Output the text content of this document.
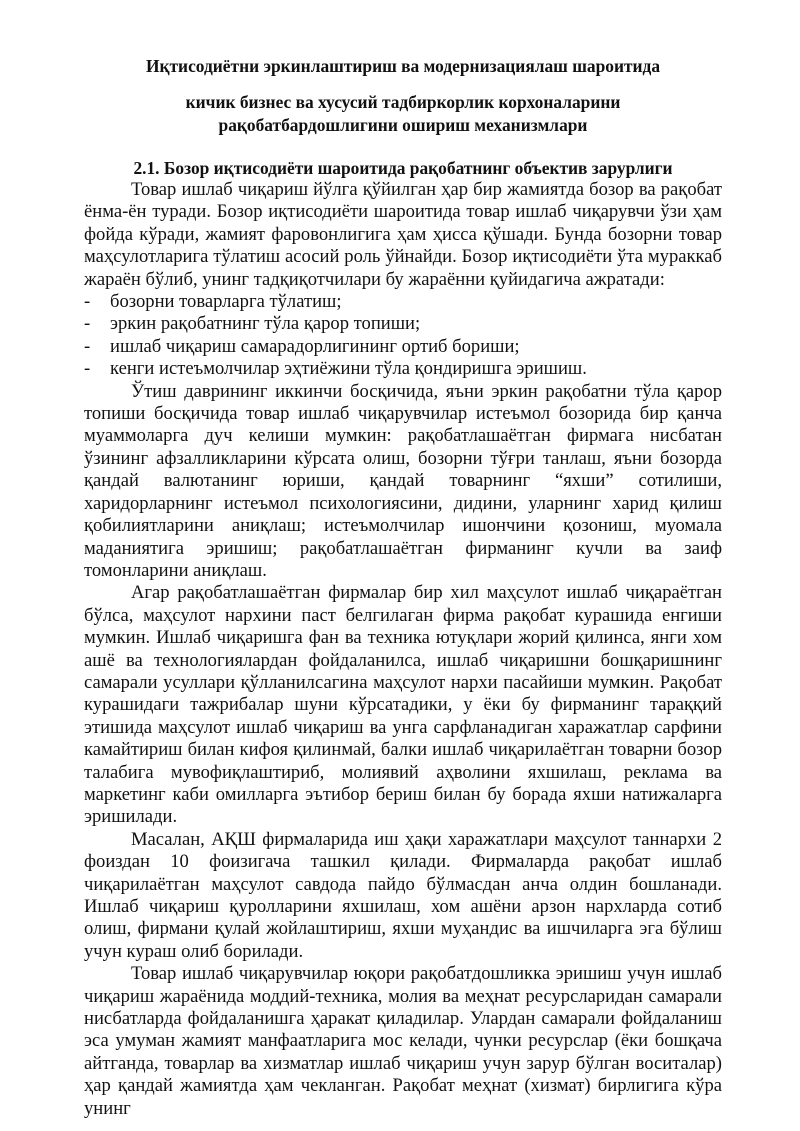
Иқтисодиётни эркинлаштириш ва модернизациялаш шароитида
кичик бизнес ва хусусий тадбиркорлик корхоналарини
рақобатбардошлигини ошириш механизмлари
2.1. Бозор иқтисодиёти шароитида рақобатнинг объектив зарурлиги

Товар ишлаб чиқариш йўлга қўйилган ҳар бир жамиятда бозор ва рақобат ёнма-ён туради. Бозор иқтисодиёти шароитида товар ишлаб чиқарувчи ўзи ҳам фойда кўради, жамият фаровонлигига ҳам ҳисса қўшади. Бунда бозорни товар маҳсулотларига тўлатиш асосий роль ўйнайди. Бозор иқтисодиёти ўта мураккаб жараён бўлиб, унинг тадқиқотчилари бу жараённи қуйидагича ажратади:

- бозорни товарларга тўлатиш;
- эркин рақобатнинг тўла қарор топиши;
- ишлаб чиқариш самарадорлигининг ортиб бориши;
- кенги истеъмолчилар эҳтиёжини тўла қондиришга эришиш.

Ўтиш даврининг иккинчи босқичида, яъни эркин рақобатни тўла қарор топиши босқичида товар ишлаб чиқарувчилар истеъмол бозорида бир қанча муаммоларга дуч келиши мумкин: рақобатлашаётган фирмага нисбатан ўзининг афзалликларини кўрсата олиш, бозорни тўғри танлаш, яъни бозорда қандай валютанинг юриши, қандай товарнинг “яхши” сотилиши, харидорларнинг истеъмол психологиясини, дидини, уларнинг харид қилиш қобилиятларини аниқлаш; истеъмолчилар ишончини қозониш, муомала маданиятига эришиш; рақобатлашаётган фирманинг кучли ва заиф томонларини аниқлаш.

Агар рақобатлашаётган фирмалар бир хил маҳсулот ишлаб чиқараётган бўлса, маҳсулот нархини паст белгилаган фирма рақобат курашида енгиши мумкин. Ишлаб чиқаришга фан ва техника ютуқлари жорий қилинса, янги хом ашё ва технологиялардан фойдаланилса, ишлаб чиқаришни бошқаришнинг самарали усуллари қўлланилсагина маҳсулот нархи пасайиши мумкин. Рақобат курашидаги тажрибалар шуни кўрсатадики, у ёки бу фирманинг тараққий этишида маҳсулот ишлаб чиқариш ва унга сарфланадиган харажатлар сарфини камайтириш билан кифоя қилинмай, балки ишлаб чиқарилаётган товарни бозор талабига мувофиқлаштириб, молиявий аҳволини яхшилаш, реклама ва маркетинг каби омилларга эътибор бериш билан бу борада яхши натижаларга эришилади.

Масалан, АҚШ фирмаларида иш ҳақи харажатлари маҳсулот таннархи 2 фоиздан 10 фоизигача ташкил қилади. Фирмаларда рақобат ишлаб чиқарилаётган маҳсулот савдода пайдо бўлмасдан анча олдин бошланади. Ишлаб чиқариш қуролларини яхшилаш, хом ашёни арзон нархларда сотиб олиш, фирмани қулай жойлаштириш, яхши муҳандис ва ишчиларга эга бўлиш учун кураш олиб борилади.

Товар ишлаб чиқарувчилар юқори рақобатдошликка эришиш учун ишлаб чиқариш жараёнида моддий-техника, молия ва меҳнат ресурсларидан самарали нисбатларда фойдаланишга ҳаракат қиладилар. Улардан самарали фойдаланиш эса умуман жамият манфаатларига мос келади, чунки ресурслар (ёки бошқача айтганда, товарлар ва хизматлар ишлаб чиқариш учун зарур бўлган воситалар) ҳар қандай жамиятда ҳам чекланган. Рақобат меҳнат (хизмат) бирлигига кўра унинг
